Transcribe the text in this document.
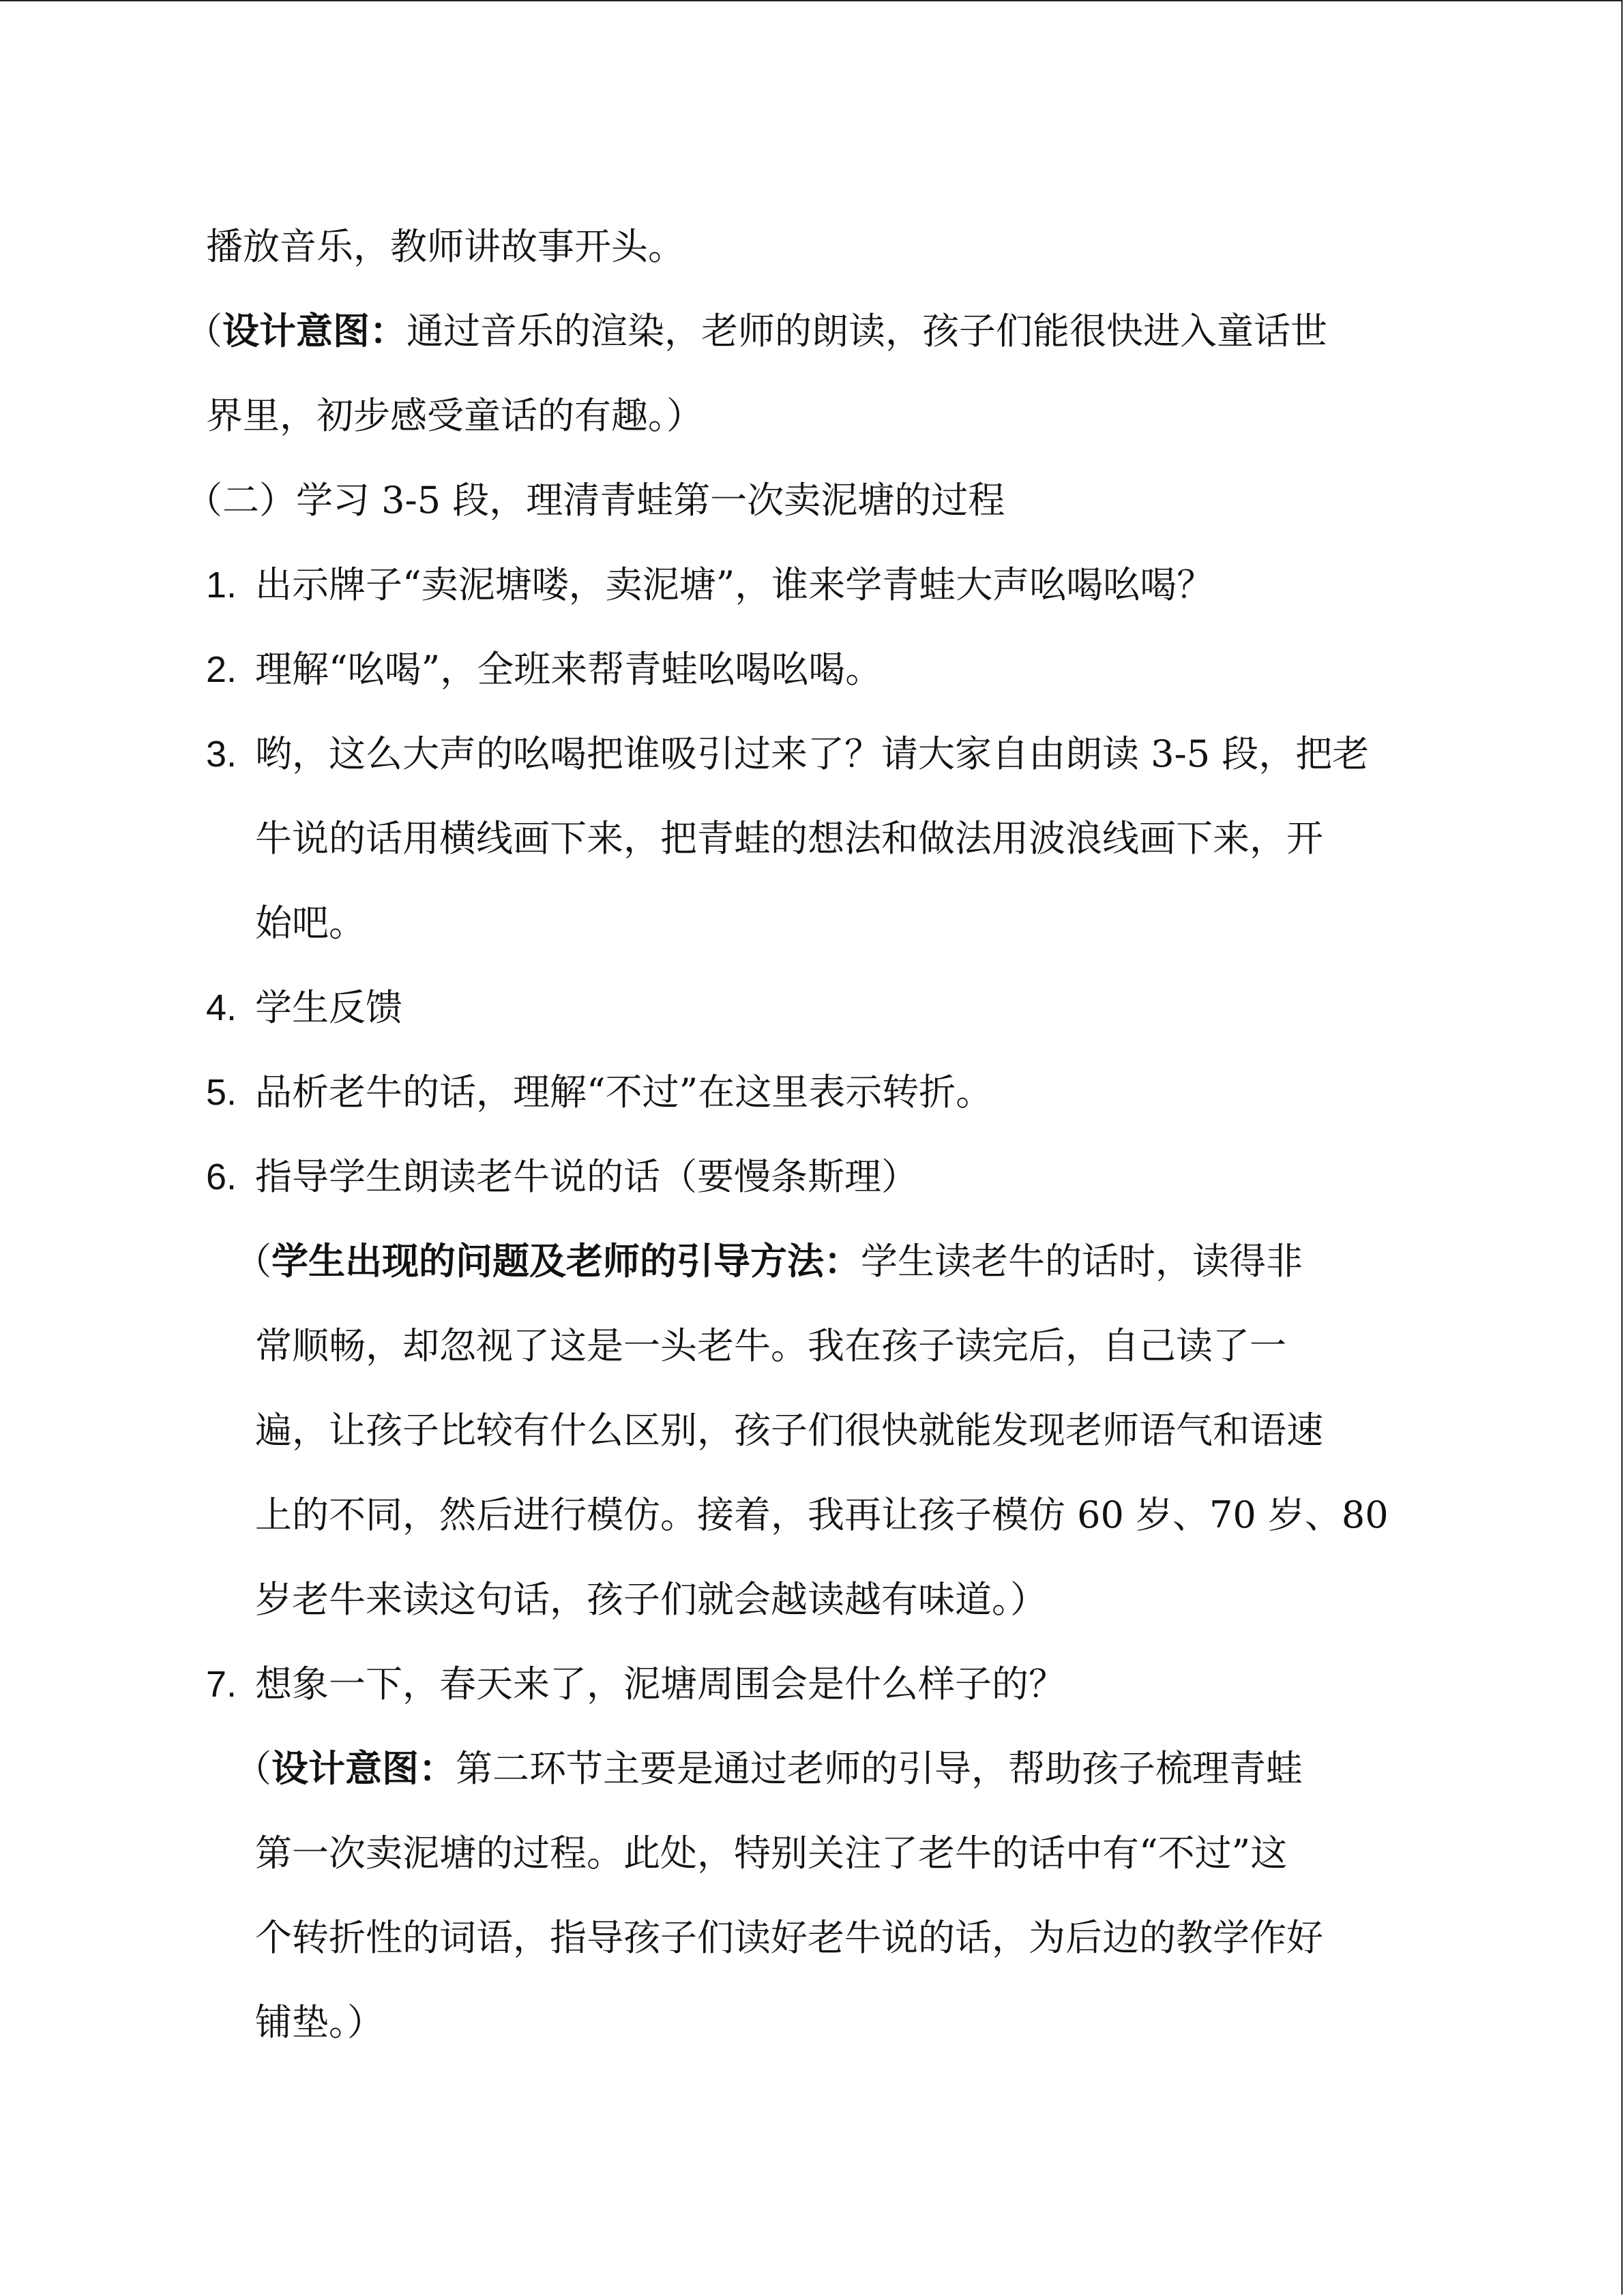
播放音乐，教师讲故事开头。

（设计意图：通过音乐的渲染，老师的朗读，孩子们能很快进入童话世
界里，初步感受童话的有趣。）

（二）学习 3-5 段，理清青蛙第一次卖泥塘的过程

1. 出示牌子“卖泥塘喽，卖泥塘”，谁来学青蛙大声吆喝吆喝？
2. 理解“吆喝”，全班来帮青蛙吆喝吆喝。
3. 哟，这么大声的吆喝把谁吸引过来了？请大家自由朗读 3-5 段，把老
牛说的话用横线画下来，把青蛙的想法和做法用波浪线画下来，开
始吧。
4. 学生反馈
5. 品析老牛的话，理解“不过”在这里表示转折。
6. 指导学生朗读老牛说的话（要慢条斯理）

（学生出现的问题及老师的引导方法：学生读老牛的话时，读得非
常顺畅，却忽视了这是一头老牛。我在孩子读完后，自己读了一
遍，让孩子比较有什么区别，孩子们很快就能发现老师语气和语速
上的不同，然后进行模仿。接着，我再让孩子模仿 60 岁、70 岁、80
岁老牛来读这句话，孩子们就会越读越有味道。）

7. 想象一下，春天来了，泥塘周围会是什么样子的？

（设计意图：第二环节主要是通过老师的引导，帮助孩子梳理青蛙
第一次卖泥塘的过程。此处，特别关注了老牛的话中有“不过”这
个转折性的词语，指导孩子们读好老牛说的话，为后边的教学作好
铺垫。）
